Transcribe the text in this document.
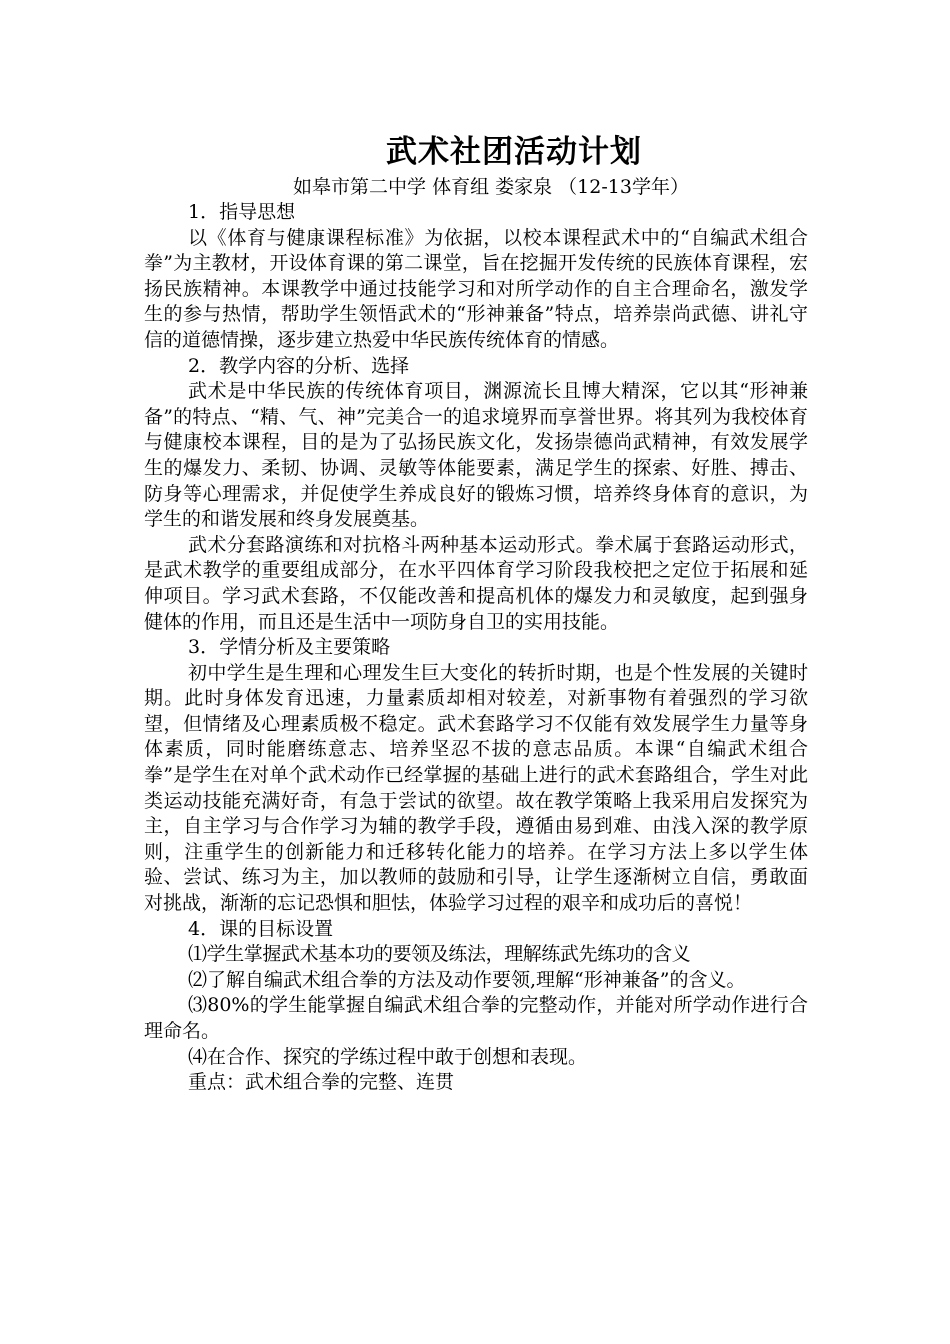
武术社团活动计划
如皋市第二中学 体育组 娄家泉 （12-13学年）

1．指导思想

以《体育与健康课程标准》为依据，以校本课程武术中的“自编武术组合拳”为主教材，开设体育课的第二课堂，旨在挖掘开发传统的民族体育课程，宏扬民族精神。本课教学中通过技能学习和对所学动作的自主合理命名，激发学生的参与热情，帮助学生领悟武术的“形神兼备”特点，培养崇尚武德、讲礼守信的道德情操，逐步建立热爱中华民族传统体育的情感。

2．教学内容的分析、选择

武术是中华民族的传统体育项目，渊源流长且博大精深，它以其“形神兼备”的特点、“精、气、神”完美合一的追求境界而享誉世界。将其列为我校体育与健康校本课程，目的是为了弘扬民族文化，发扬崇德尚武精神，有效发展学生的爆发力、柔韧、协调、灵敏等体能要素，满足学生的探索、好胜、搏击、防身等心理需求，并促使学生养成良好的锻炼习惯，培养终身体育的意识，为学生的和谐发展和终身发展奠基。

武术分套路演练和对抗格斗两种基本运动形式。拳术属于套路运动形式，是武术教学的重要组成部分，在水平四体育学习阶段我校把之定位于拓展和延伸项目。学习武术套路，不仅能改善和提高机体的爆发力和灵敏度，起到强身健体的作用，而且还是生活中一项防身自卫的实用技能。

3．学情分析及主要策略

初中学生是生理和心理发生巨大变化的转折时期，也是个性发展的关键时期。此时身体发育迅速，力量素质却相对较差，对新事物有着强烈的学习欲望，但情绪及心理素质极不稳定。武术套路学习不仅能有效发展学生力量等身体素质，同时能磨练意志、培养坚忍不拔的意志品质。本课“自编武术组合拳”是学生在对单个武术动作已经掌握的基础上进行的武术套路组合，学生对此类运动技能充满好奇，有急于尝试的欲望。故在教学策略上我采用启发探究为主，自主学习与合作学习为辅的教学手段，遵循由易到难、由浅入深的教学原则，注重学生的创新能力和迁移转化能力的培养。在学习方法上多以学生体验、尝试、练习为主，加以教师的鼓励和引导，让学生逐渐树立自信，勇敢面对挑战，渐渐的忘记恐惧和胆怯，体验学习过程的艰辛和成功后的喜悦！

4．课的目标设置

⑴学生掌握武术基本功的要领及练法，理解练武先练功的含义

⑵了解自编武术组合拳的方法及动作要领,理解“形神兼备”的含义。

⑶80%的学生能掌握自编武术组合拳的完整动作，并能对所学动作进行合理命名。

⑷在合作、探究的学练过程中敢于创想和表现。

重点：武术组合拳的完整、连贯
